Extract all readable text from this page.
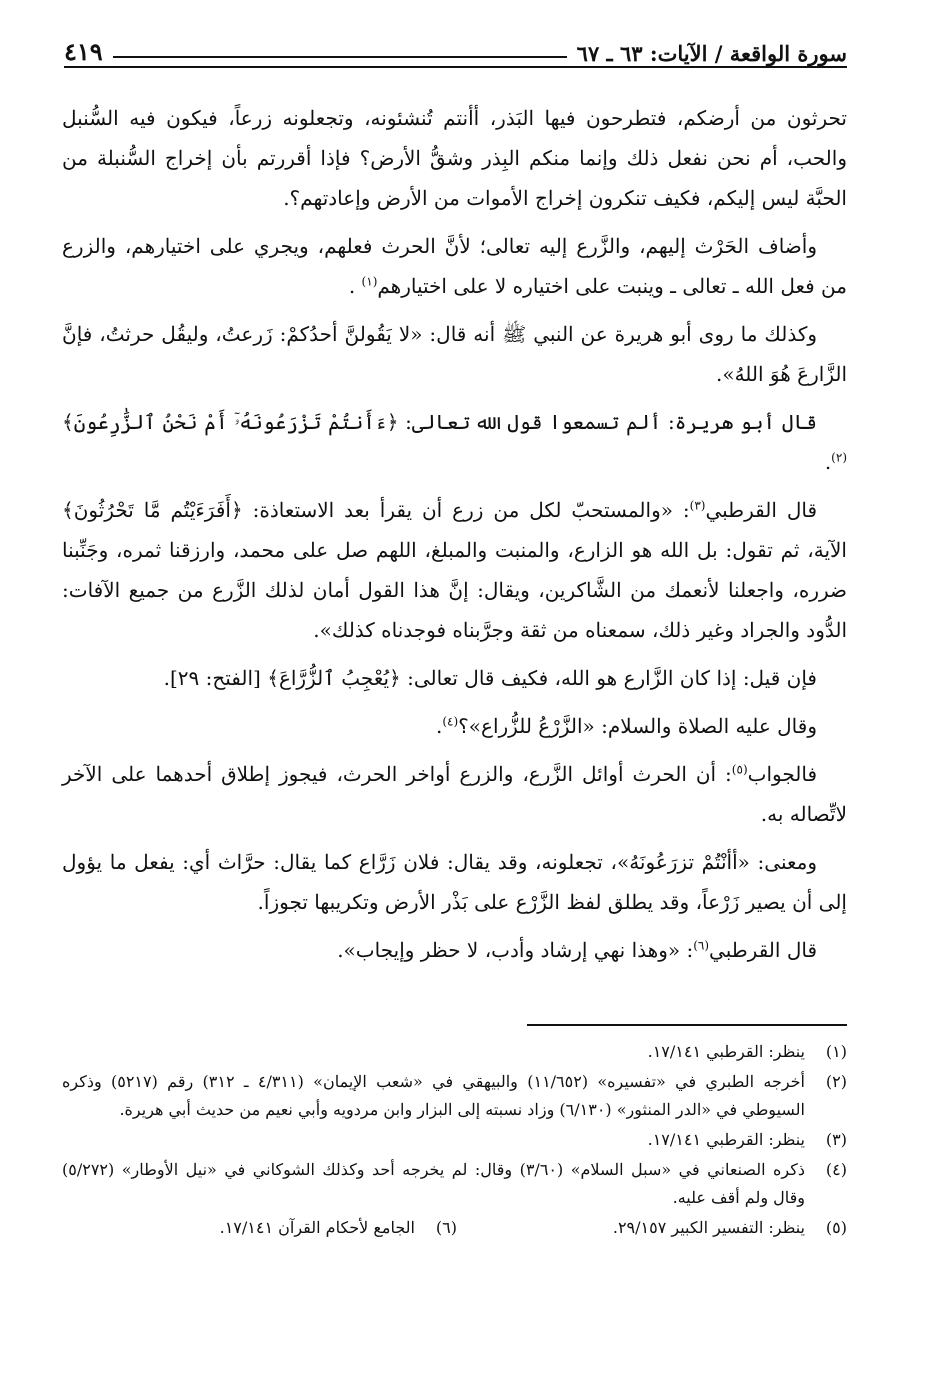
سورة الواقعة / الآيات: ٦٣ ـ ٦٧
٤١٩

تحرثون من أرضكم، فتطرحون فيها البَذر، أأنتم تُنشئونه، وتجعلونه زرعاً، فيكون فيه السُّنبل والحب، أم نحن نفعل ذلك وإنما منكم البِذر وشقُّ الأرض؟ فإذا أقررتم بأن إخراج السُّنبلة من الحبَّة ليس إليكم، فكيف تنكرون إخراج الأموات من الأرض وإعادتهم؟.

وأضاف الحَرْث إليهم، والزَّرع إليه تعالى؛ لأنَّ الحرث فعلهم، ويجري على اختيارهم، والزرع من فعل الله ـ تعالى ـ وينبت على اختياره لا على اختيارهم$^{(١)}$ .

وكذلك ما روى أبو هريرة عن النبي ﷺ أنه قال: «لا يَقُولنَّ أحدُكمْ: زَرعتُ، وليقُل حرثتُ، فإنَّ الزَّارعَ هُوَ اللهُ».

قال أبو هريرة: ألم تسمعوا قول الله تعالى: ﴿ءَأَنتُمْ تَزْرَعُونَهُۥٓ أَمْ نَحْنُ ٱلزَّٰرِعُونَ﴾$^{(٢)}$.

قال القرطبي$^{(٣)}$: «والمستحبّ لكل من زرع أن يقرأ بعد الاستعاذة: ﴿أَفَرَءَيْتُم مَّا تَحْرُثُونَ﴾ الآية، ثم تقول: بل الله هو الزارع، والمنبت والمبلغ، اللهم صل على محمد، وارزقنا ثمره، وجَنِّبنا ضرره، واجعلنا لأنعمك من الشَّاكرين، ويقال: إنَّ هذا القول أمان لذلك الزَّرع من جميع الآفات: الدُّود والجراد وغير ذلك، سمعناه من ثقة وجرَّبناه فوجدناه كذلك».

فإن قيل: إذا كان الزَّارع هو الله، فكيف قال تعالى: ﴿يُعْجِبُ ٱلزُّرَّاعَ﴾ [الفتح: ٢٩].

وقال عليه الصلاة والسلام: «الزَّرْعُ للزُّراع»؟$^{(٤)}$.

فالجواب$^{(٥)}$: أن الحرث أوائل الزَّرع، والزرع أواخر الحرث، فيجوز إطلاق أحدهما على الآخر لاتِّصاله به.

ومعنى: «أأنْتُمْ تزرَعُونَهُ»، تجعلونه، وقد يقال: فلان زَرَّاع كما يقال: حرَّاث أي: يفعل ما يؤول إلى أن يصير زَرْعاً، وقد يطلق لفظ الزَّرْع على بَذْر الأرض وتكريبها تجوزاً.

قال القرطبي$^{(٦)}$: «وهذا نهي إرشاد وأدب، لا حظر وإيجاب».

(١)
ينظر: القرطبي ١٧/١٤١.
(٢)
أخرجه الطبري في «تفسيره» (١١/٦٥٢) والبيهقي في «شعب الإيمان» (٤/٣١١ ـ ٣١٢) رقم (٥٢١٧) وذكره السيوطي في «الدر المنثور» (٦/١٣٠) وزاد نسبته إلى البزار وابن مردويه وأبي نعيم من حديث أبي هريرة.
(٣)
ينظر: القرطبي ١٧/١٤١.
(٤)
ذكره الصنعاني في «سبل السلام» (٣/٦٠) وقال: لم يخرجه أحد وكذلك الشوكاني في «نيل الأوطار» (٥/٢٧٢) وقال ولم أقف عليه.
(٥)
ينظر: التفسير الكبير ٢٩/١٥٧.
(٦)
الجامع لأحكام القرآن ١٧/١٤١.
